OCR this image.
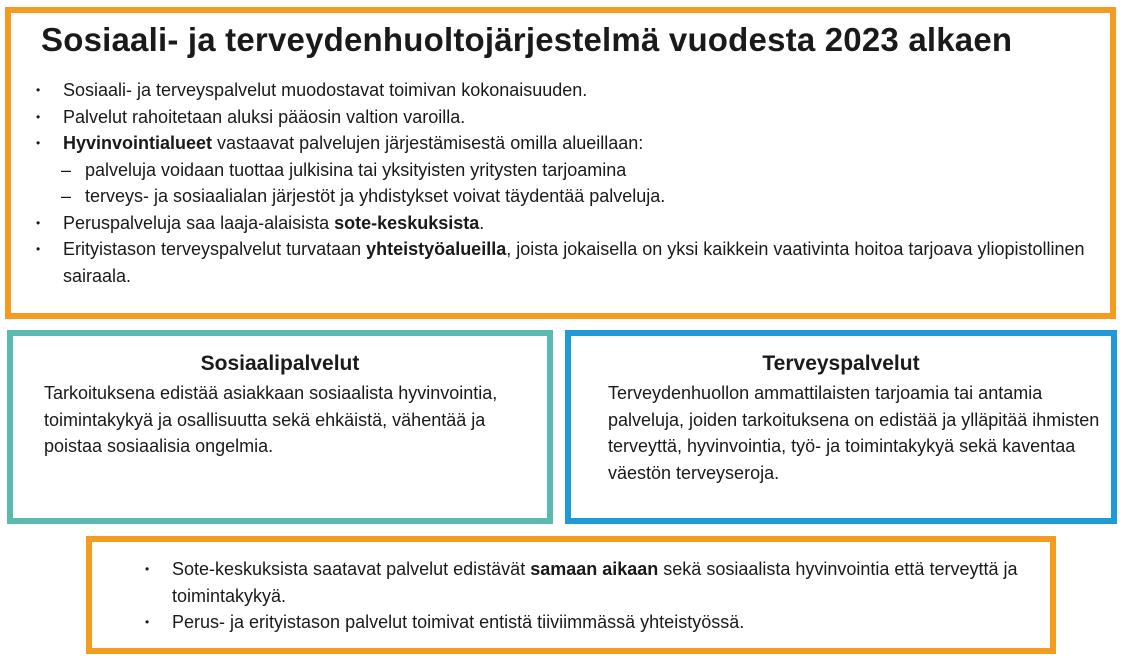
Sosiaali- ja terveydenhuoltojärjestelmä vuodesta 2023 alkaen
•	Sosiaali- ja terveyspalvelut muodostavat toimivan kokonaisuuden.
•	Palvelut rahoitetaan aluksi pääosin valtion varoilla.
•	Hyvinvointialueet vastaavat palvelujen järjestämisestä omilla alueillaan:
– palveluja voidaan tuottaa julkisina tai yksityisten yritysten tarjoamina
– terveys- ja sosiaalialan järjestöt ja yhdistykset voivat täydentää palveluja.
•	Peruspalveluja saa laaja-alaisista sote-keskuksista.
•	Erityistason terveyspalvelut turvataan yhteistyöalueilla, joista jokaisella on yksi kaikkein vaativinta hoitoa tarjoava yliopistollinen sairaala.
Sosiaalipalvelut

Tarkoituksena edistää asiakkaan sosiaalista hyvinvointia, toimintakykyä ja osallisuutta sekä ehkäistä, vähentää ja poistaa sosiaalisia ongelmia.

Terveyspalvelut

Terveydenhuollon ammattilaisten tarjoamia tai antamia palveluja, joiden tarkoituksena on edistää ja ylläpitää ihmisten terveyttä, hyvinvointia, työ- ja toimintakykyä sekä kaventaa väestön terveyseroja.

•	Sote-keskuksista saatavat palvelut edistävät samaan aikaan sekä sosiaalista hyvinvointia että terveyttä ja toimintakykyä.
•	Perus- ja erityistason palvelut toimivat entistä tiiviimmässä yhteistyössä.
